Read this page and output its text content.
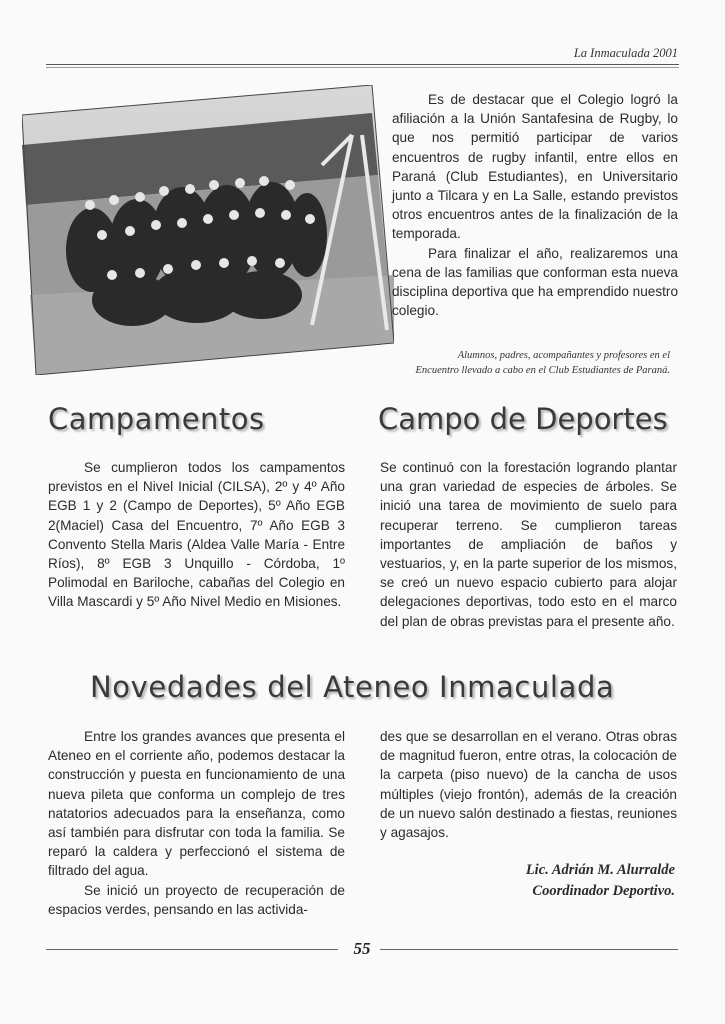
La Inmaculada 2001
Alumnos, padres, acompañantes y profesores en el
Encuentro llevado a cabo en el Club Estudiantes de Paraná.

Es de destacar que el Colegio logró la afiliación a la Unión Santafesina de Rugby, lo que nos permitió participar de varios encuentros de rugby infantil, entre ellos en Paraná (Club Estudiantes), en Universitario junto a Tilcara y en La Salle, estando previstos otros encuentros antes de la finalización de la temporada.

Para finalizar el año, realizaremos una cena de las familias que conforman esta nueva disciplina deportiva que ha emprendido nuestro colegio.

Campamentos	Campo de Deportes

Se cumplieron todos los campamentos previstos en el Nivel Inicial (CILSA), 2º y 4º Año EGB 1 y 2 (Campo de Deportes), 5º Año EGB 2(Maciel) Casa del Encuentro, 7º Año EGB 3 Convento Stella Maris (Aldea Valle María - Entre Ríos), 8º EGB 3 Unquillo - Córdoba, 1º Polimodal en Bariloche, cabañas del Colegio en Villa Mascardi y 5º Año Nivel Medio en Misiones.

Se continuó con la forestación logrando plantar una gran variedad de especies de árboles. Se inició una tarea de movimiento de suelo para recuperar terreno. Se cumplieron tareas importantes de ampliación de baños y vestuarios, y, en la parte superior de los mismos, se creó un nuevo espacio cubierto para alojar delegaciones deportivas, todo esto en el marco del plan de obras previstas para el presente año.

Novedades del Ateneo Inmaculada

Entre los grandes avances que presenta el Ateneo en el corriente año, podemos destacar la construcción y puesta en funcionamiento de una nueva pileta que conforma un complejo de tres natatorios adecuados para la enseñanza, como así también para disfrutar con toda la familia. Se reparó la caldera y perfeccionó el sistema de filtrado del agua.

Se inició un proyecto de recuperación de espacios verdes, pensando en las activida-

des que se desarrollan en el verano. Otras obras de magnitud fueron, entre otras, la colocación de la carpeta (piso nuevo) de la cancha de usos múltiples (viejo frontón), además de la creación de un nuevo salón destinado a fiestas, reuniones y agasajos.

Lic. Adrián M. Alurralde
Coordinador Deportivo.
55
